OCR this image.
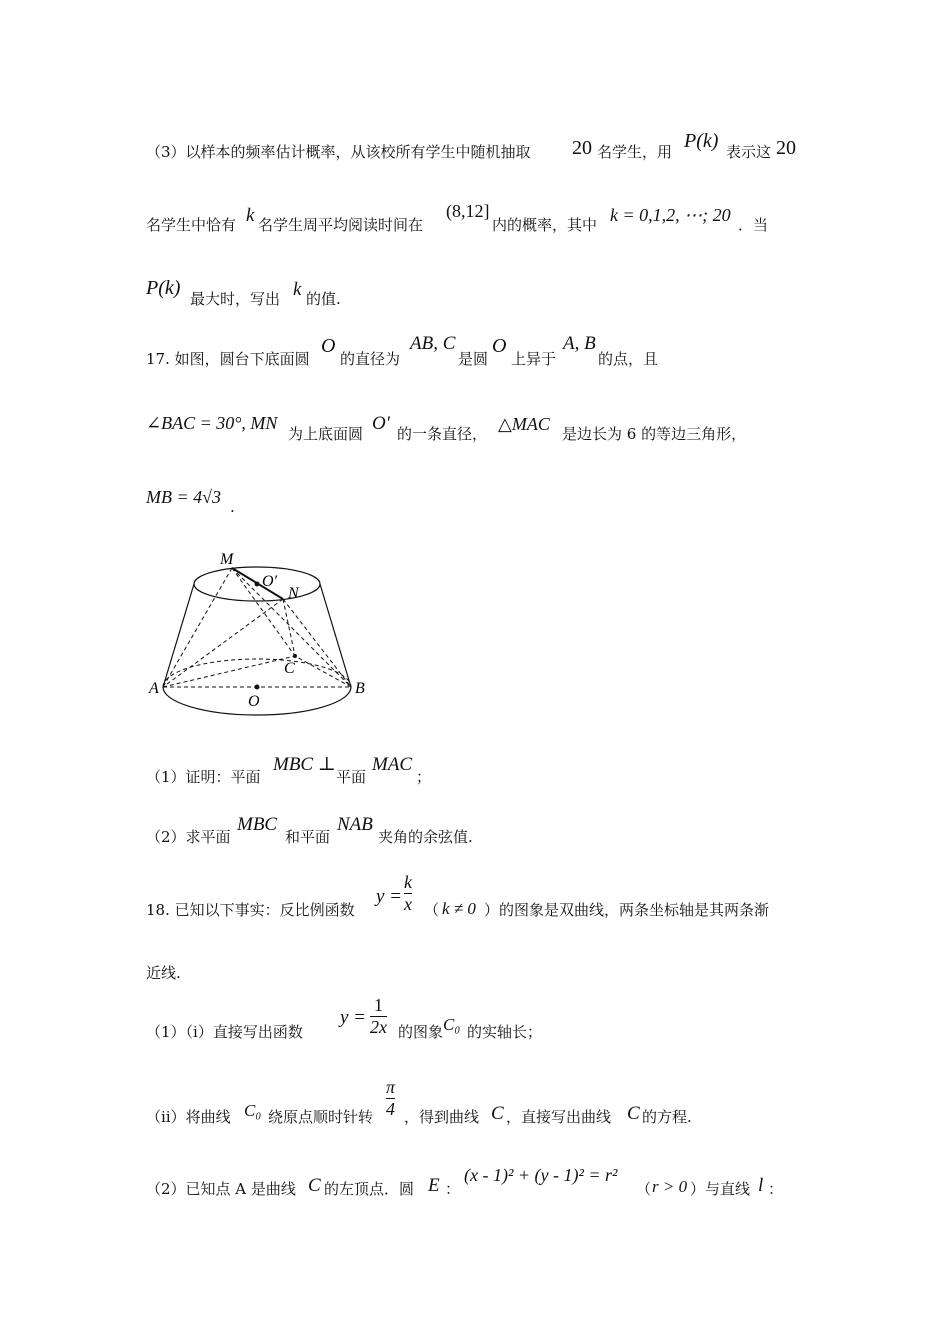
（3）以样本的频率估计概率，从该校所有学生中随机抽取 20 名学生，用 P(k) 表示这 20
名学生中恰有 k 名学生周平均阅读时间在
(8,12]
内的概率，其中 k = 0,1,2, ⋯; 20 ．当
P(k) 最大时，写出 k 的值.
17. 如图，圆台下底面圆
O
的直径为
AB, C
是圆
O
上异于
A, B
的点，且
∠BAC = 30°, MN
为上底面圆 O′ 的一条直径， △MAC 是边长为 6 的等边三角形，
MB = 4√3 .
M
O′
N
C
A	B
O
（1）证明：平面
MBC ⊥
平面
MAC
；
（2）求平面
MBC
和平面
NAB
夹角的余弦值.
18. 已知以下事实：反比例函数
y =
k
x （ k ≠ 0 ）的图象是双曲线，两条坐标轴是其两条渐
近线.
（1）（ⅰ）直接写出函数
y =
1
2x 的图象 C₀ 的实轴长；
（ⅱ）将曲线 C₀ 绕原点顺时针转
π
4 ，得到曲线 C ，直接写出曲线 C 的方程.
（2）已知点 A 是曲线 C 的左顶点．圆 E ：
(x - 1)² + (y - 1)² = r²
（ r > 0 ）与直线 l ：
